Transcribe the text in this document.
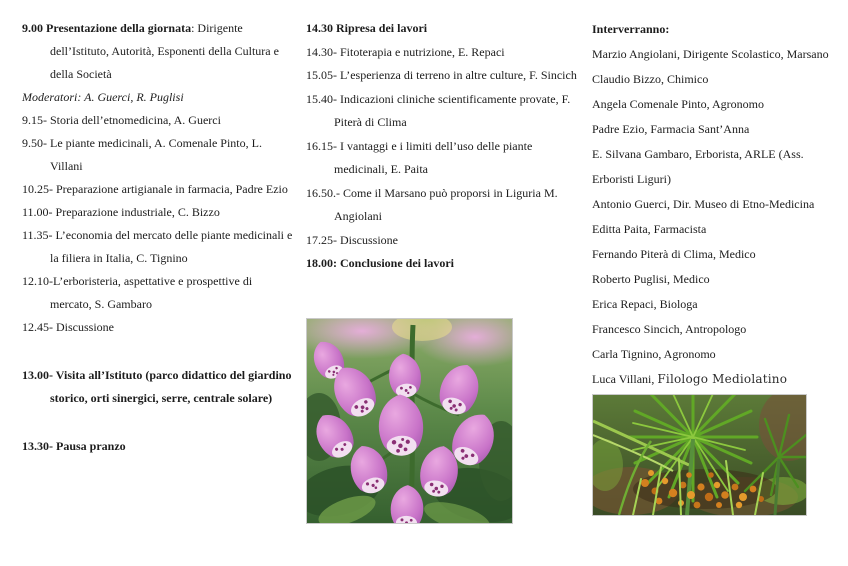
9.00 Presentazione della giornata: Dirigente dell’Istituto, Autorità, Esponenti della Cultura e della Società

Moderatori: A. Guerci, R. Puglisi

9.15- Storia dell’etnomedicina, A. Guerci

9.50- Le piante medicinali, A. Comenale Pinto, L. Villani

10.25- Preparazione artigianale in farmacia, Padre Ezio

11.00- Preparazione industriale, C. Bizzo

11.35- L’economia del mercato delle piante medicinali e la filiera in Italia, C. Tignino

12.10-L’erboristeria, aspettative e prospettive di mercato, S. Gambaro

12.45- Discussione

13.00- Visita all’Istituto (parco didattico del giardino storico, orti sinergici, serre, centrale solare)

13.30- Pausa pranzo

14.30 Ripresa dei lavori

14.30- Fitoterapia e nutrizione, E. Repaci

15.05- L’esperienza di terreno in altre culture, F. Sincich

15.40- Indicazioni cliniche scientificamente provate, F. Piterà di Clima

16.15- I vantaggi e i limiti dell’uso delle piante medicinali, E. Paita

16.50.- Come il Marsano può proporsi in Liguria M. Angiolani

17.25- Discussione

18.00: Conclusione dei lavori

Interverranno:

Marzio Angiolani, Dirigente Scolastico, Marsano

Claudio Bizzo, Chimico

Angela Comenale Pinto, Agronomo

Padre Ezio, Farmacia Sant’Anna

E. Silvana Gambaro, Erborista, ARLE (Ass. Erboristi Liguri)

Antonio Guerci, Dir. Museo di Etno-Medicina

Editta Paita, Farmacista

Fernando Piterà di Clima, Medico

Roberto Puglisi, Medico

Erica Repaci, Biologa

Francesco Sincich, Antropologo

Carla Tignino, Agronomo

Luca Villani, Filologo Mediolatino
